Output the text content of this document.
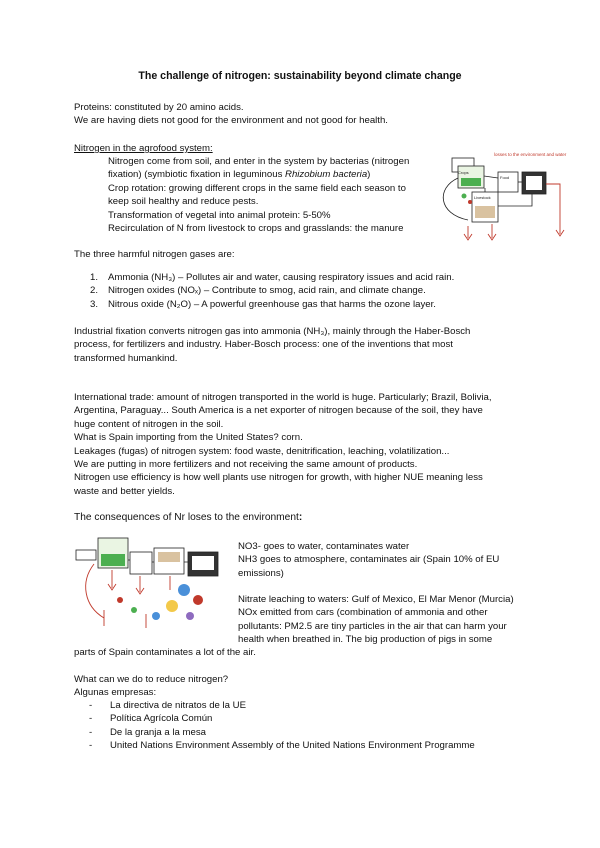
The challenge of nitrogen: sustainability beyond climate change

Proteins: constituted by 20 amino acids.

We are having diets not good for the environment and not good for health.

Nitrogen in the agrofood system:

Nitrogen come from soil, and enter in the system by bacterias (nitrogen

fixation) (symbiotic fixation in leguminous Rhizobium bacteria)

Crop rotation: growing different crops in the same field each season to

keep soil healthy and reduce pests.

Transformation of vegetal into animal protein: 5-50%

Recirculation of N from livestock to crops and grasslands: the manure

losses to the environment and water
The three harmful nitrogen gases are:
1. Ammonia (NH₃) – Pollutes air and water, causing respiratory issues and acid rain.
2. Nitrogen oxides (NOₓ) – Contribute to smog, acid rain, and climate change.
3. Nitrous oxide (N₂O) – A powerful greenhouse gas that harms the ozone layer.

Industrial fixation converts nitrogen gas into ammonia (NH₃), mainly through the Haber-Bosch

process, for fertilizers and industry. Haber-Bosch process: one of the inventions that most

transformed humankind.

International trade: amount of nitrogen transported in the world is huge. Particularly; Brazil, Bolivia,

Argentina, Paraguay... South America is a net exporter of nitrogen because of the soil, they have

huge content of nitrogen in the soil.

What is Spain importing from the United States? corn.

Leakages (fugas) of nitrogen system: food waste, denitrification, leaching, volatilization...

We are putting in more fertilizers and not receiving the same amount of products.

Nitrogen use efficiency is how well plants use nitrogen for growth, with higher NUE meaning less

waste and better yields.

The consequences of Nr loses to the environment:

NO3- goes to water, contaminates water

NH3 goes to atmosphere, contaminates air (Spain 10% of EU

emissions)

Nitrate leaching to waters: Gulf of Mexico, El Mar Menor (Murcia)

NOx emitted from cars (combination of ammonia and other

pollutants: PM2.5 are tiny particles in the air that can harm your

health when breathed in. The big production of pigs in some

parts of Spain contaminates a lot of the air.
What can we do to reduce nitrogen?
Algunas empresas:
- La directiva de nitratos de la UE
- Política Agrícola Común
- De la granja a la mesa
- United Nations Environment Assembly of the United Nations Environment Programme
Crops
Livestock
Food
